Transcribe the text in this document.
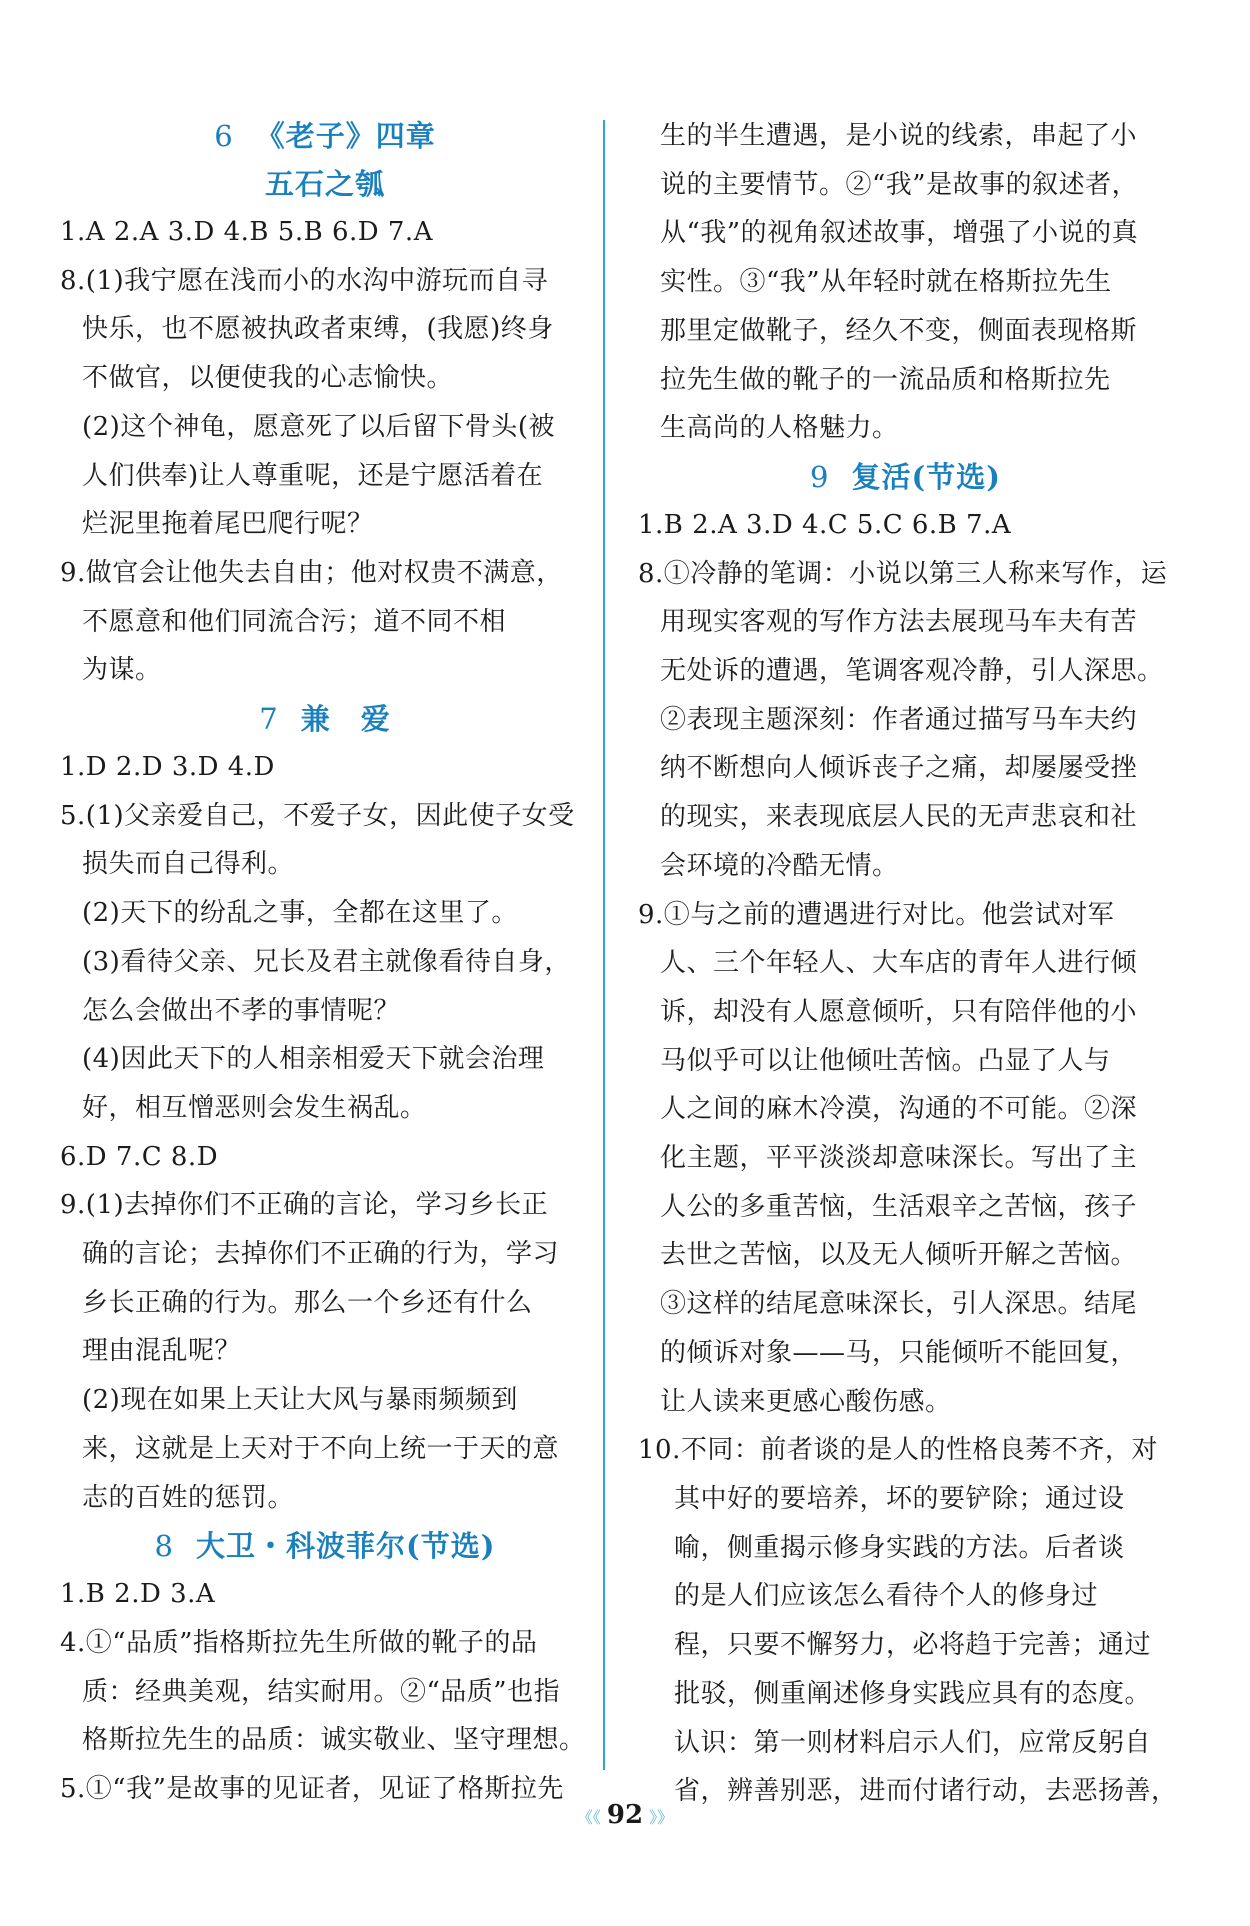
6 《老子》四章
五石之瓠
1.A 2.A 3.D 4.B 5.B 6.D 7.A
8.(1)我宁愿在浅而小的水沟中游玩而自寻
快乐，也不愿被执政者束缚，(我愿)终身
不做官，以便使我的心志愉快。
(2)这个神龟，愿意死了以后留下骨头(被
人们供奉)让人尊重呢，还是宁愿活着在
烂泥里拖着尾巴爬行呢？
9.做官会让他失去自由；他对权贵不满意，
不愿意和他们同流合污；道不同不相
为谋。
7 兼　爱
1.D 2.D 3.D 4.D
5.(1)父亲爱自己，不爱子女，因此使子女受
损失而自己得利。
(2)天下的纷乱之事，全都在这里了。
(3)看待父亲、兄长及君主就像看待自身，
怎么会做出不孝的事情呢？
(4)因此天下的人相亲相爱天下就会治理
好，相互憎恶则会发生祸乱。
6.D 7.C 8.D
9.(1)去掉你们不正确的言论，学习乡长正
确的言论；去掉你们不正确的行为，学习
乡长正确的行为。那么一个乡还有什么
理由混乱呢？
(2)现在如果上天让大风与暴雨频频到
来，这就是上天对于不向上统一于天的意
志的百姓的惩罚。
8 大卫・科波菲尔(节选)
1.B 2.D 3.A
4.①“品质”指格斯拉先生所做的靴子的品
质：经典美观，结实耐用。②“品质”也指
格斯拉先生的品质：诚实敬业、坚守理想。
5.①“我”是故事的见证者，见证了格斯拉先
生的半生遭遇，是小说的线索，串起了小
说的主要情节。②“我”是故事的叙述者，
从“我”的视角叙述故事，增强了小说的真
实性。③“我”从年轻时就在格斯拉先生
那里定做靴子，经久不变，侧面表现格斯
拉先生做的靴子的一流品质和格斯拉先
生高尚的人格魅力。
9 复活(节选)
1.B 2.A 3.D 4.C 5.C 6.B 7.A
8.①冷静的笔调：小说以第三人称来写作，运
用现实客观的写作方法去展现马车夫有苦
无处诉的遭遇，笔调客观冷静，引人深思。
②表现主题深刻：作者通过描写马车夫约
纳不断想向人倾诉丧子之痛，却屡屡受挫
的现实，来表现底层人民的无声悲哀和社
会环境的冷酷无情。
9.①与之前的遭遇进行对比。他尝试对军
人、三个年轻人、大车店的青年人进行倾
诉，却没有人愿意倾听，只有陪伴他的小
马似乎可以让他倾吐苦恼。凸显了人与
人之间的麻木冷漠，沟通的不可能。②深
化主题，平平淡淡却意味深长。写出了主
人公的多重苦恼，生活艰辛之苦恼，孩子
去世之苦恼，以及无人倾听开解之苦恼。
③这样的结尾意味深长，引人深思。结尾
的倾诉对象——马，只能倾听不能回复，
让人读来更感心酸伤感。
10.不同：前者谈的是人的性格良莠不齐，对
其中好的要培养，坏的要铲除；通过设
喻，侧重揭示修身实践的方法。后者谈
的是人们应该怎么看待个人的修身过
程，只要不懈努力，必将趋于完善；通过
批驳，侧重阐述修身实践应具有的态度。
认识：第一则材料启示人们，应常反躬自
省，辨善别恶，进而付诸行动，去恶扬善，
《《 92 》》
